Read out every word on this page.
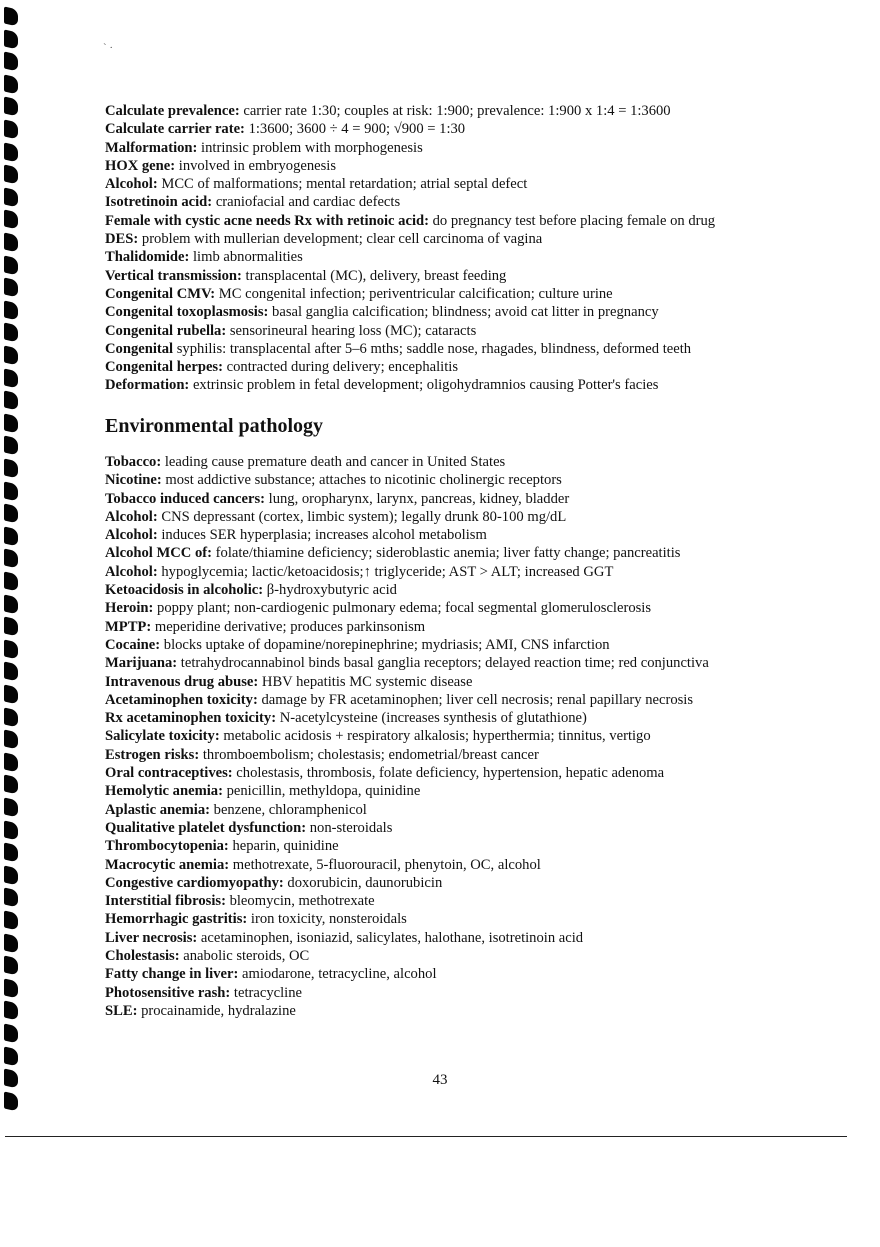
` ·
Calculate prevalence: carrier rate 1:30; couples at risk: 1:900; prevalence: 1:900 x 1:4 = 1:3600
Calculate carrier rate: 1:3600; 3600 ÷ 4 = 900; √900 = 1:30
Malformation: intrinsic problem with morphogenesis
HOX gene: involved in embryogenesis
Alcohol: MCC of malformations; mental retardation; atrial septal defect
Isotretinoin acid: craniofacial and cardiac defects
Female with cystic acne needs Rx with retinoic acid: do pregnancy test before placing female on drug
DES: problem with mullerian development; clear cell carcinoma of vagina
Thalidomide: limb abnormalities
Vertical transmission: transplacental (MC), delivery, breast feeding
Congenital CMV: MC congenital infection; periventricular calcification; culture urine
Congenital toxoplasmosis: basal ganglia calcification; blindness; avoid cat litter in pregnancy
Congenital rubella: sensorineural hearing loss (MC); cataracts
Congenital syphilis: transplacental after 5–6 mths; saddle nose, rhagades, blindness, deformed teeth
Congenital herpes: contracted during delivery; encephalitis
Deformation: extrinsic problem in fetal development; oligohydramnios causing Potter's facies
Environmental pathology
Tobacco: leading cause premature death and cancer in United States
Nicotine: most addictive substance; attaches to nicotinic cholinergic receptors
Tobacco induced cancers: lung, oropharynx, larynx, pancreas, kidney, bladder
Alcohol: CNS depressant (cortex, limbic system); legally drunk 80-100 mg/dL
Alcohol: induces SER hyperplasia; increases alcohol metabolism
Alcohol MCC of: folate/thiamine deficiency; sideroblastic anemia; liver fatty change; pancreatitis
Alcohol: hypoglycemia; lactic/ketoacidosis;↑ triglyceride; AST > ALT; increased GGT
Ketoacidosis in alcoholic: β-hydroxybutyric acid
Heroin: poppy plant; non-cardiogenic pulmonary edema; focal segmental glomerulosclerosis
MPTP: meperidine derivative; produces parkinsonism
Cocaine: blocks uptake of dopamine/norepinephrine; mydriasis; AMI, CNS infarction
Marijuana: tetrahydrocannabinol binds basal ganglia receptors; delayed reaction time; red conjunctiva
Intravenous drug abuse: HBV hepatitis MC systemic disease
Acetaminophen toxicity: damage by FR acetaminophen; liver cell necrosis; renal papillary necrosis
Rx acetaminophen toxicity: N-acetylcysteine (increases synthesis of glutathione)
Salicylate toxicity: metabolic acidosis + respiratory alkalosis; hyperthermia; tinnitus, vertigo
Estrogen risks: thromboembolism; cholestasis; endometrial/breast cancer
Oral contraceptives: cholestasis, thrombosis, folate deficiency, hypertension, hepatic adenoma
Hemolytic anemia: penicillin, methyldopa, quinidine
Aplastic anemia: benzene, chloramphenicol
Qualitative platelet dysfunction: non-steroidals
Thrombocytopenia: heparin, quinidine
Macrocytic anemia: methotrexate, 5-fluorouracil, phenytoin, OC, alcohol
Congestive cardiomyopathy: doxorubicin, daunorubicin
Interstitial fibrosis: bleomycin, methotrexate
Hemorrhagic gastritis: iron toxicity, nonsteroidals
Liver necrosis: acetaminophen, isoniazid, salicylates, halothane, isotretinoin acid
Cholestasis: anabolic steroids, OC
Fatty change in liver: amiodarone, tetracycline, alcohol
Photosensitive rash: tetracycline
SLE: procainamide, hydralazine
43
